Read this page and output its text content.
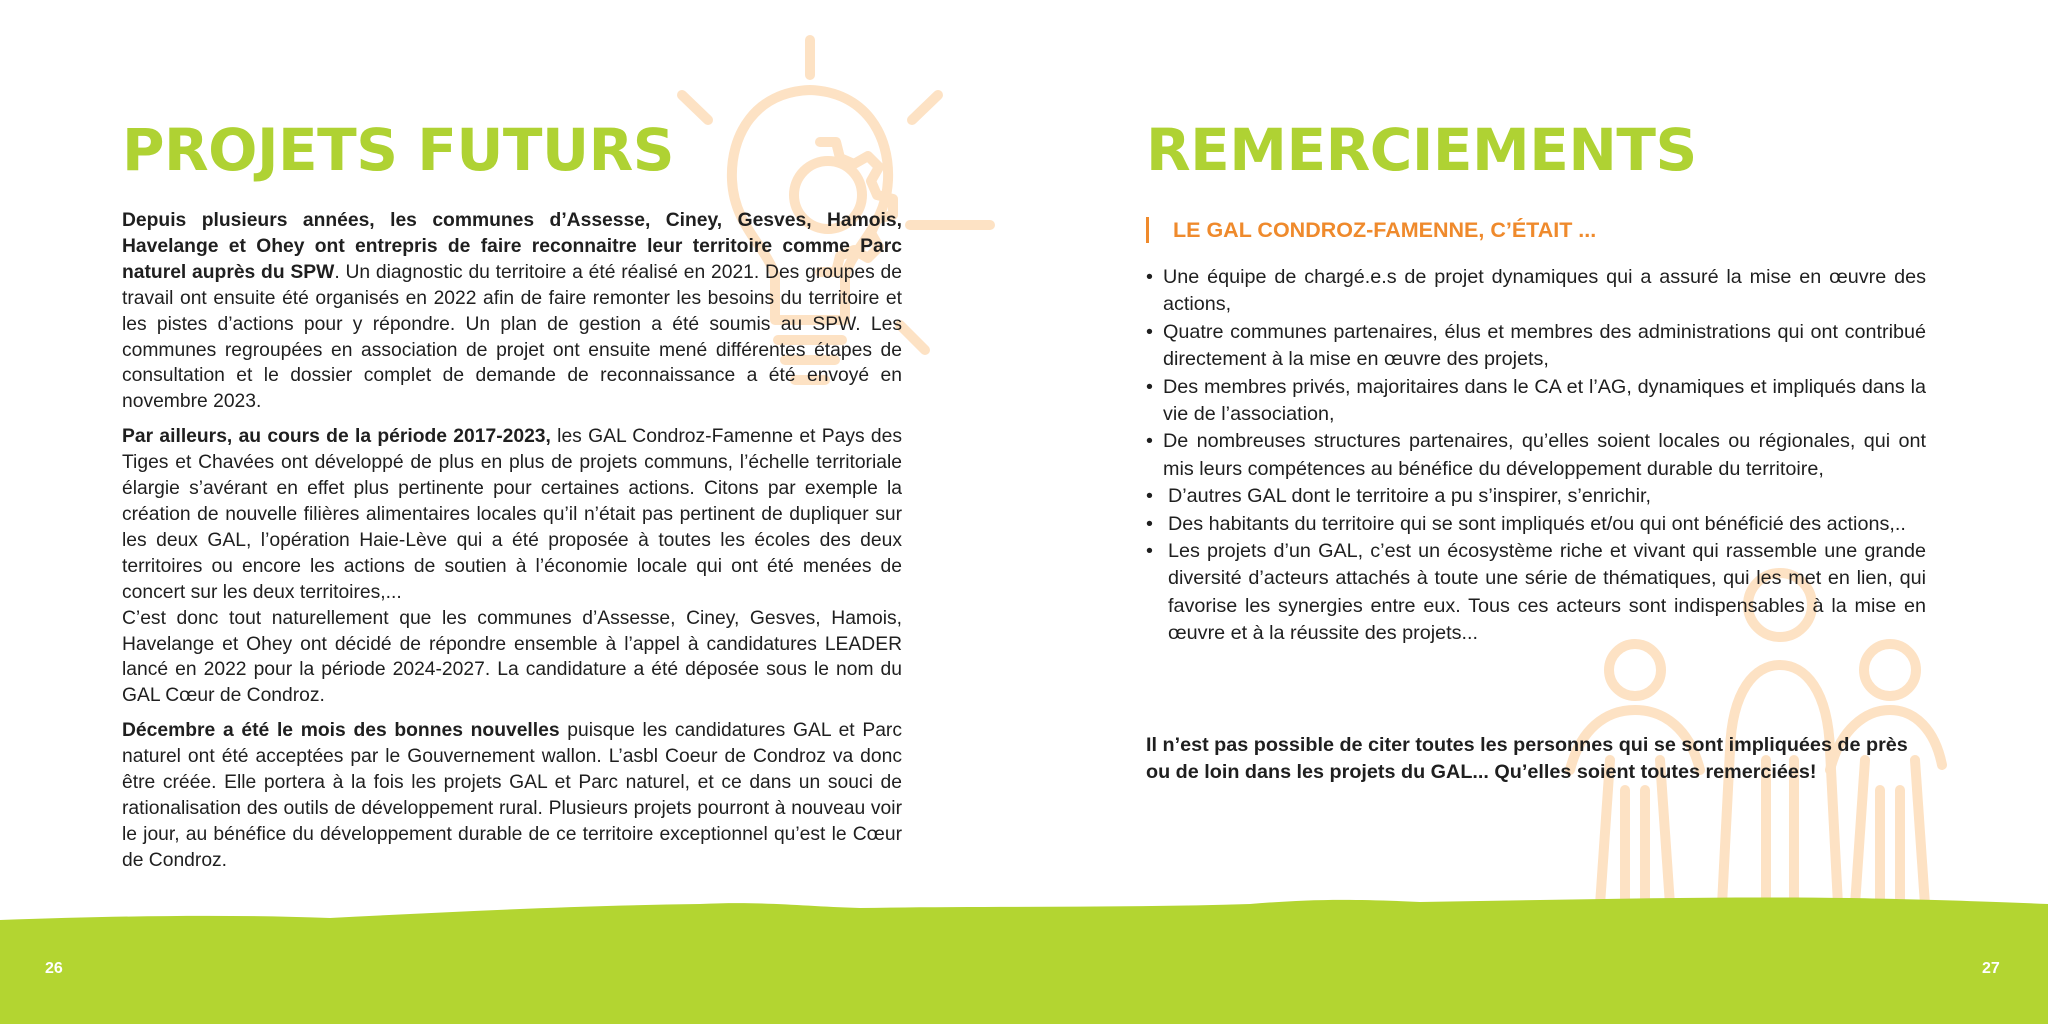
PROJETS FUTURS

Depuis plusieurs années, les communes d’Assesse, Ciney, Gesves, Hamois, Havelange et Ohey ont entrepris de faire reconnaitre leur territoire comme Parc naturel auprès du SPW. Un diagnostic du territoire a été réalisé en 2021. Des groupes de travail ont ensuite été organisés en 2022 afin de faire remonter les besoins du territoire et les pistes d’actions pour y répondre. Un plan de gestion a été soumis au SPW. Les communes regroupées en association de projet ont ensuite mené différentes étapes de consultation et le dossier complet de demande de reconnaissance a été envoyé en novembre 2023.

Par ailleurs, au cours de la période 2017-2023, les GAL Condroz-Famenne et Pays des Tiges et Chavées ont développé de plus en plus de projets communs, l’échelle territoriale élargie s’avérant en effet plus pertinente pour certaines actions. Citons par exemple la création de nouvelle filières alimentaires locales qu’il n’était pas pertinent de dupliquer sur les deux GAL, l’opération Haie-Lève qui a été proposée à toutes les écoles des deux territoires ou encore les actions de soutien à l’économie locale qui ont été menées de concert sur les deux territoires,...

C’est donc tout naturellement que les communes d’Assesse, Ciney, Gesves, Hamois, Havelange et Ohey ont décidé de répondre ensemble à l’appel à candidatures LEADER lancé en 2022 pour la période 2024-2027. La candidature a été déposée sous le nom du GAL Cœur de Condroz.

Décembre a été le mois des bonnes nouvelles puisque les candidatures GAL et Parc naturel ont été acceptées par le Gouvernement wallon. L’asbl Coeur de Condroz va donc être créée. Elle portera à la fois les projets GAL et Parc naturel, et ce dans un souci de rationalisation des outils de développement rural. Plusieurs projets pourront à nouveau voir le jour, au bénéfice du développement durable de ce territoire exceptionnel qu’est le Cœur de Condroz.

REMERCIEMENTS
LE GAL CONDROZ-FAMENNE, C’ÉTAIT ...
• Une équipe de chargé.e.s de projet dynamiques qui a assuré la mise en œuvre des actions,
• Quatre communes partenaires, élus et membres des administrations qui ont contribué directement à la mise en œuvre des projets,
• Des membres privés, majoritaires dans le CA et l’AG, dynamiques et impliqués dans la vie de l’association,
• De nombreuses structures partenaires, qu’elles soient locales ou régionales, qui ont mis leurs compétences au bénéfice du développement durable du territoire,
• D’autres GAL dont le territoire a pu s’inspirer, s’enrichir,
• Des habitants du territoire qui se sont impliqués et/ou qui ont bénéficié des actions,..
• Les projets d’un GAL, c’est un écosystème riche et vivant qui rassemble une grande diversité d’acteurs attachés à toute une série de thématiques, qui les met en lien, qui favorise les synergies entre eux. Tous ces acteurs sont indispensables à la mise en œuvre et à la réussite des projets...

Il n’est pas possible de citer toutes les personnes qui se sont impliquées de près ou de loin dans les projets du GAL... Qu’elles soient toutes remerciées!

26	27
